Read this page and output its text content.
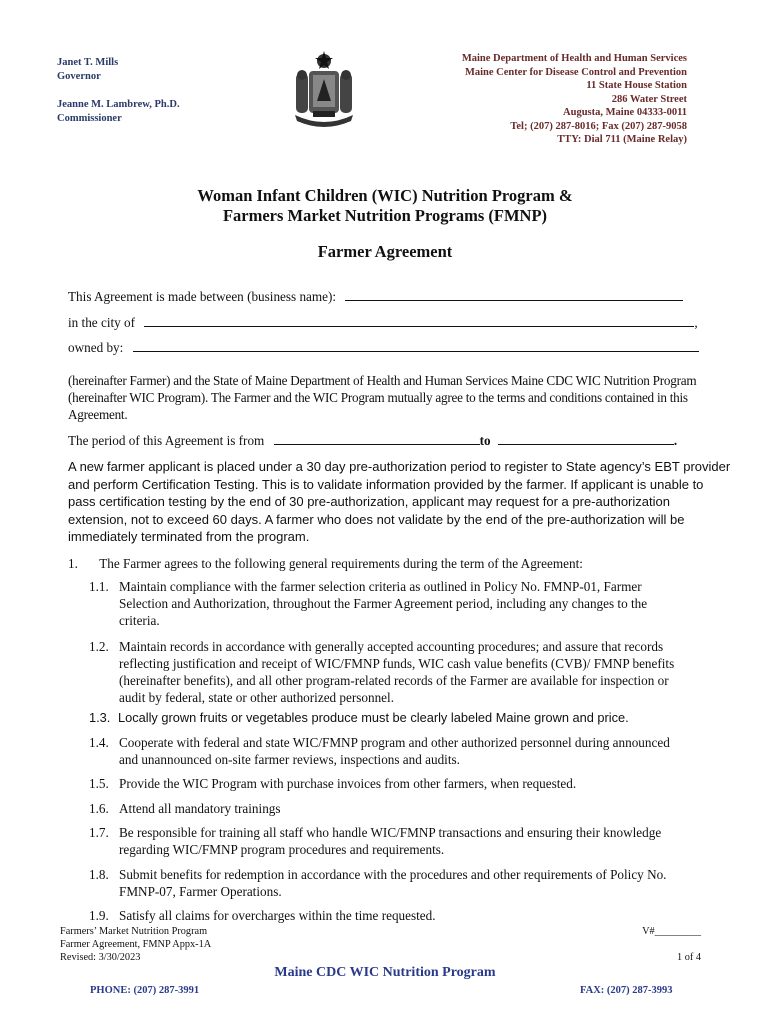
Janet T. Mills
Governor
Jeanne M. Lambrew, Ph.D.
Commissioner
Maine Department of Health and Human Services
Maine Center for Disease Control and Prevention
11 State House Station
286 Water Street
Augusta, Maine 04333-0011
Tel; (207) 287-8016; Fax (207) 287-9058
TTY: Dial 711 (Maine Relay)
Woman Infant Children (WIC) Nutrition Program &
Farmers Market Nutrition Programs (FMNP)
Farmer Agreement
This Agreement is made between (business name):
in the city of	,
owned by:
(hereinafter Farmer) and the State of Maine Department of Health and Human Services Maine CDC WIC Nutrition Program (hereinafter WIC Program). The Farmer and the WIC Program mutually agree to the terms and conditions contained in this Agreement.
The period of this Agreement is from	to	.
A new farmer applicant is placed under a 30 day pre-authorization period to register to State agency’s EBT provider and perform Certification Testing. This is to validate information provided by the farmer. If applicant is unable to pass certification testing by the end of 30 pre-authorization, applicant may request for a pre-authorization extension, not to exceed 60 days. A farmer who does not validate by the end of the pre-authorization will be immediately terminated from the program.
1. The Farmer agrees to the following general requirements during the term of the Agreement:
1.1. Maintain compliance with the farmer selection criteria as outlined in Policy No. FMNP-01, Farmer Selection and Authorization, throughout the Farmer Agreement period, including any changes to the criteria.
1.2. Maintain records in accordance with generally accepted accounting procedures; and assure that records reflecting justification and receipt of WIC/FMNP funds, WIC cash value benefits (CVB)/ FMNP benefits (hereinafter benefits), and all other program-related records of the Farmer are available for inspection or audit by federal, state or other authorized personnel.
1.3. Locally grown fruits or vegetables produce must be clearly labeled Maine grown and price.
1.4. Cooperate with federal and state WIC/FMNP program and other authorized personnel during announced and unannounced on-site farmer reviews, inspections and audits.
1.5. Provide the WIC Program with purchase invoices from other farmers, when requested.
1.6. Attend all mandatory trainings
1.7. Be responsible for training all staff who handle WIC/FMNP transactions and ensuring their knowledge regarding WIC/FMNP program procedures and requirements.
1.8. Submit benefits for redemption in accordance with the procedures and other requirements of Policy No. FMNP-07, Farmer Operations.
1.9. Satisfy all claims for overcharges within the time requested.
Farmers’ Market Nutrition Program
Farmer Agreement, FMNP Appx-1A
Revised: 3/30/2023
V#_________
1 of 4
Maine CDC WIC Nutrition Program
PHONE: (207) 287-3991	FAX: (207) 287-3993
